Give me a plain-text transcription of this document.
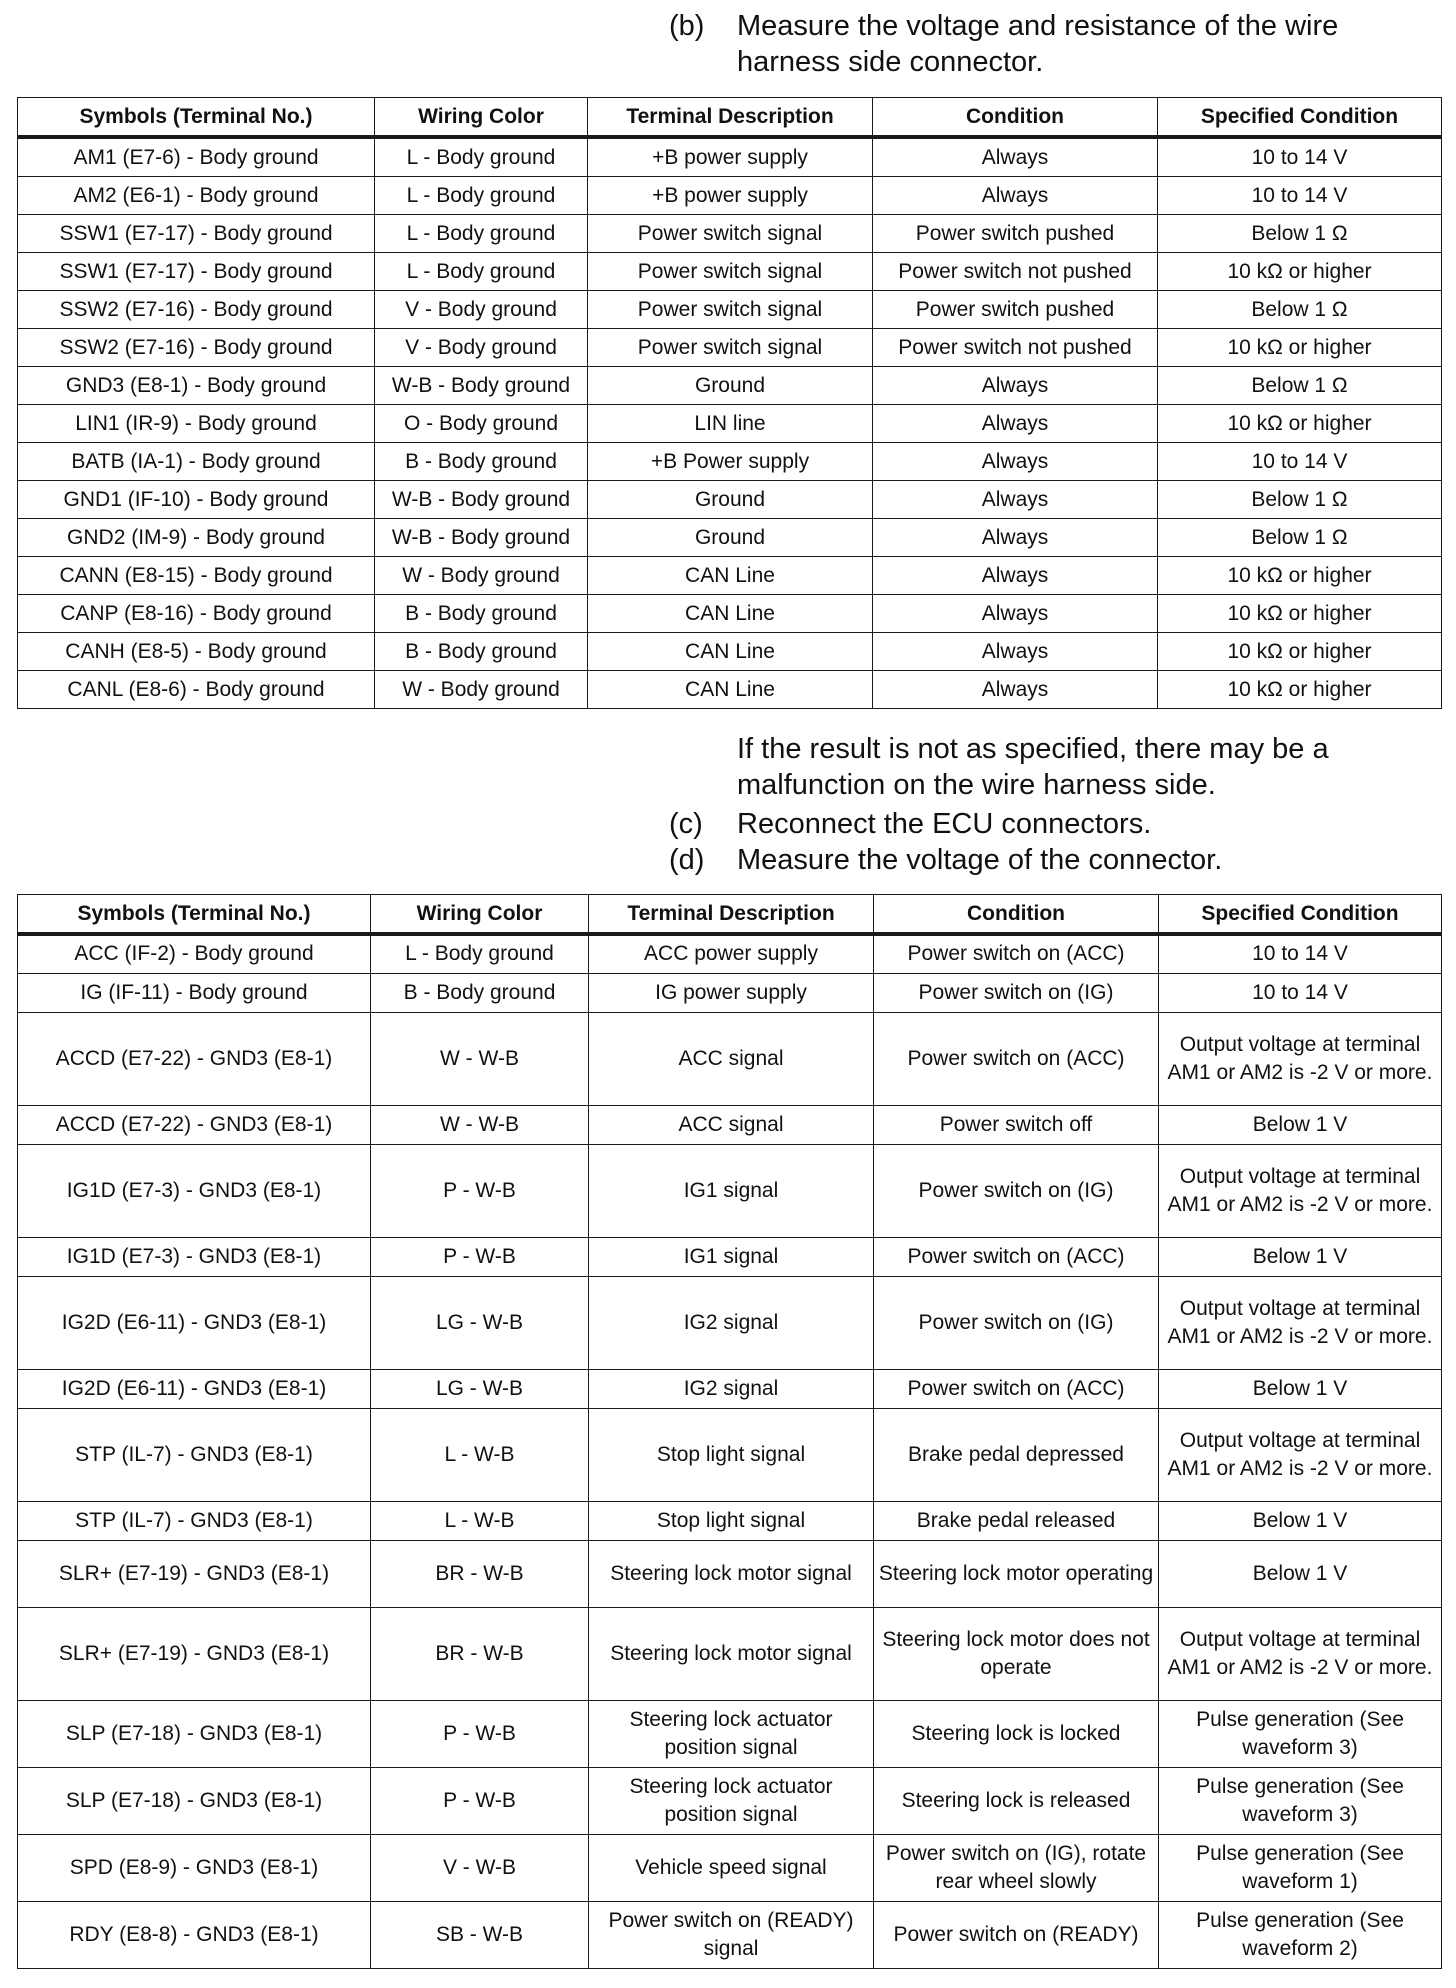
(b)	Measure the voltage and resistance of the wire harness side connector.
Symbols (Terminal No.)	Wiring Color	Terminal Description	Condition	Specified Condition
AM1 (E7-6) - Body ground	L - Body ground	+B power supply	Always	10 to 14 V
AM2 (E6-1) - Body ground	L - Body ground	+B power supply	Always	10 to 14 V
SSW1 (E7-17) - Body ground	L - Body ground	Power switch signal	Power switch pushed	Below 1 Ω
SSW1 (E7-17) - Body ground	L - Body ground	Power switch signal	Power switch not pushed	10 kΩ or higher
SSW2 (E7-16) - Body ground	V - Body ground	Power switch signal	Power switch pushed	Below 1 Ω
SSW2 (E7-16) - Body ground	V - Body ground	Power switch signal	Power switch not pushed	10 kΩ or higher
GND3 (E8-1) - Body ground	W-B - Body ground	Ground	Always	Below 1 Ω
LIN1 (IR-9) - Body ground	O - Body ground	LIN line	Always	10 kΩ or higher
BATB (IA-1) - Body ground	B - Body ground	+B Power supply	Always	10 to 14 V
GND1 (IF-10) - Body ground	W-B - Body ground	Ground	Always	Below 1 Ω
GND2 (IM-9) - Body ground	W-B - Body ground	Ground	Always	Below 1 Ω
CANN (E8-15) - Body ground	W - Body ground	CAN Line	Always	10 kΩ or higher
CANP (E8-16) - Body ground	B - Body ground	CAN Line	Always	10 kΩ or higher
CANH (E8-5) - Body ground	B - Body ground	CAN Line	Always	10 kΩ or higher
CANL (E8-6) - Body ground	W - Body ground	CAN Line	Always	10 kΩ or higher
If the result is not as specified, there may be a malfunction on the wire harness side.
(c)	Reconnect the ECU connectors.
(d)	Measure the voltage of the connector.
Symbols (Terminal No.)	Wiring Color	Terminal Description	Condition	Specified Condition
ACC (IF-2) - Body ground	L - Body ground	ACC power supply	Power switch on (ACC)	10 to 14 V
IG (IF-11) - Body ground	B - Body ground	IG power supply	Power switch on (IG)	10 to 14 V
ACCD (E7-22) - GND3 (E8-1)	W - W-B	ACC signal	Power switch on (ACC)	Output voltage at terminal AM1 or AM2 is -2 V or more.
ACCD (E7-22) - GND3 (E8-1)	W - W-B	ACC signal	Power switch off	Below 1 V
IG1D (E7-3) - GND3 (E8-1)	P - W-B	IG1 signal	Power switch on (IG)	Output voltage at terminal AM1 or AM2 is -2 V or more.
IG1D (E7-3) - GND3 (E8-1)	P - W-B	IG1 signal	Power switch on (ACC)	Below 1 V
IG2D (E6-11) - GND3 (E8-1)	LG - W-B	IG2 signal	Power switch on (IG)	Output voltage at terminal AM1 or AM2 is -2 V or more.
IG2D (E6-11) - GND3 (E8-1)	LG - W-B	IG2 signal	Power switch on (ACC)	Below 1 V
STP (IL-7) - GND3 (E8-1)	L - W-B	Stop light signal	Brake pedal depressed	Output voltage at terminal AM1 or AM2 is -2 V or more.
STP (IL-7) - GND3 (E8-1)	L - W-B	Stop light signal	Brake pedal released	Below 1 V
SLR+ (E7-19) - GND3 (E8-1)	BR - W-B	Steering lock motor signal	Steering lock motor operating	Below 1 V
SLR+ (E7-19) - GND3 (E8-1)	BR - W-B	Steering lock motor signal	Steering lock motor does not operate	Output voltage at terminal AM1 or AM2 is -2 V or more.
SLP (E7-18) - GND3 (E8-1)	P - W-B	Steering lock actuator position signal	Steering lock is locked	Pulse generation (See waveform 3)
SLP (E7-18) - GND3 (E8-1)	P - W-B	Steering lock actuator position signal	Steering lock is released	Pulse generation (See waveform 3)
SPD (E8-9) - GND3 (E8-1)	V - W-B	Vehicle speed signal	Power switch on (IG), rotate rear wheel slowly	Pulse generation (See waveform 1)
RDY (E8-8) - GND3 (E8-1)	SB - W-B	Power switch on (READY) signal	Power switch on (READY)	Pulse generation (See waveform 2)
